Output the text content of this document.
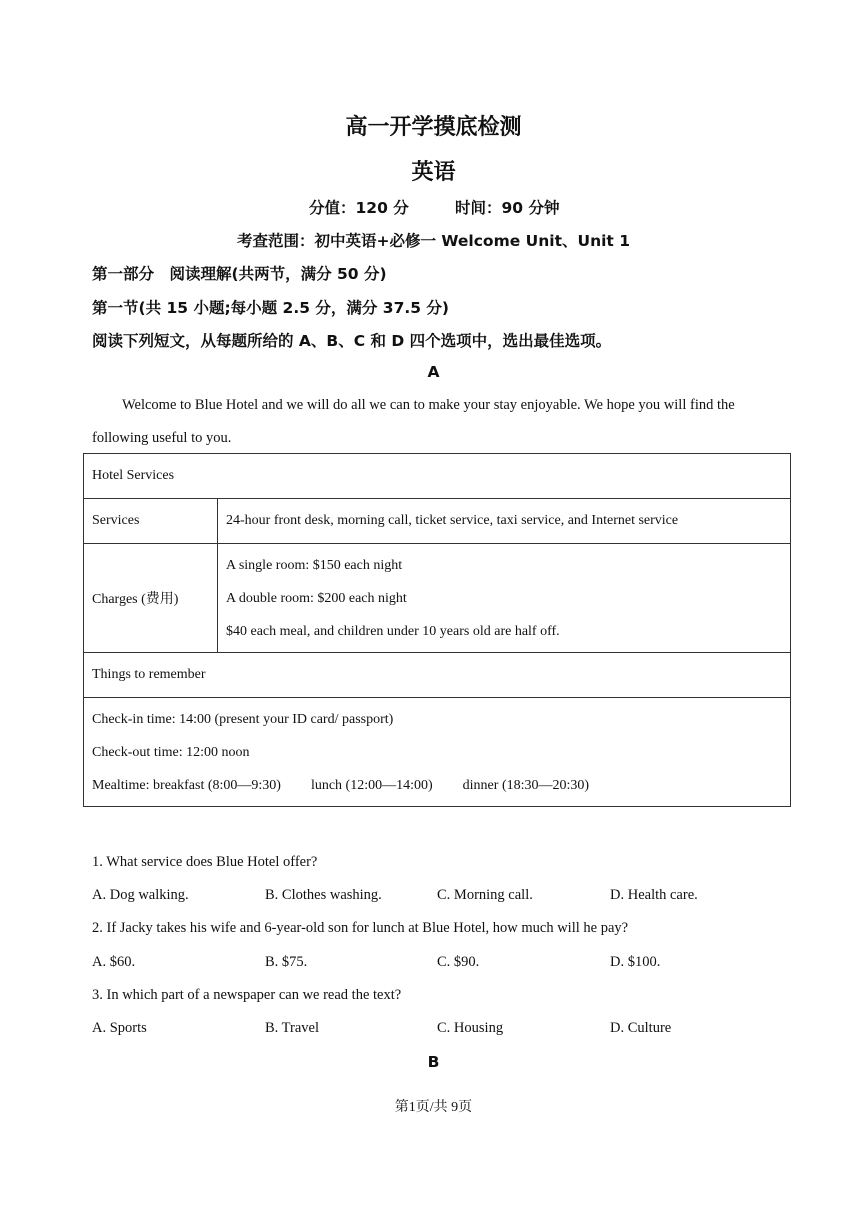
高一开学摸底检测
英语
分值：120 分	时间：90 分钟
考查范围：初中英语+必修一 Welcome Unit、Unit 1
第一部分　阅读理解(共两节，满分 50 分)
第一节(共 15 小题;每小题 2.5 分，满分 37.5 分)
阅读下列短文，从每题所给的 A、B、C 和 D 四个选项中，选出最佳选项。
A
Welcome to Blue Hotel and we will do all we can to make your stay enjoyable. We hope you will find the
following useful to you.
Hotel Services	
Services	24-hour front desk, morning call, ticket service, taxi service, and Internet service
Charges (费用)	A single room: $150 each night
A double room: $200 each night
$40 each meal, and children under 10 years old are half off.

Things to remember	

Check-in time: 14:00 (present your ID card/ passport)
Check-out time: 12:00 noon
Mealtime: breakfast (8:00—9:30) lunch (12:00—14:00) dinner (18:30—20:30)	
1. What service does Blue Hotel offer?
A. Dog walking.	B. Clothes washing.	C. Morning call.	D. Health care.
2. If Jacky takes his wife and 6-year-old son for lunch at Blue Hotel, how much will he pay?
A. $60.	B. $75.	C. $90.	D. $100.
3. In which part of a newspaper can we read the text?
A. Sports	B. Travel	C. Housing	D. Culture
B
第1页/共 9页
